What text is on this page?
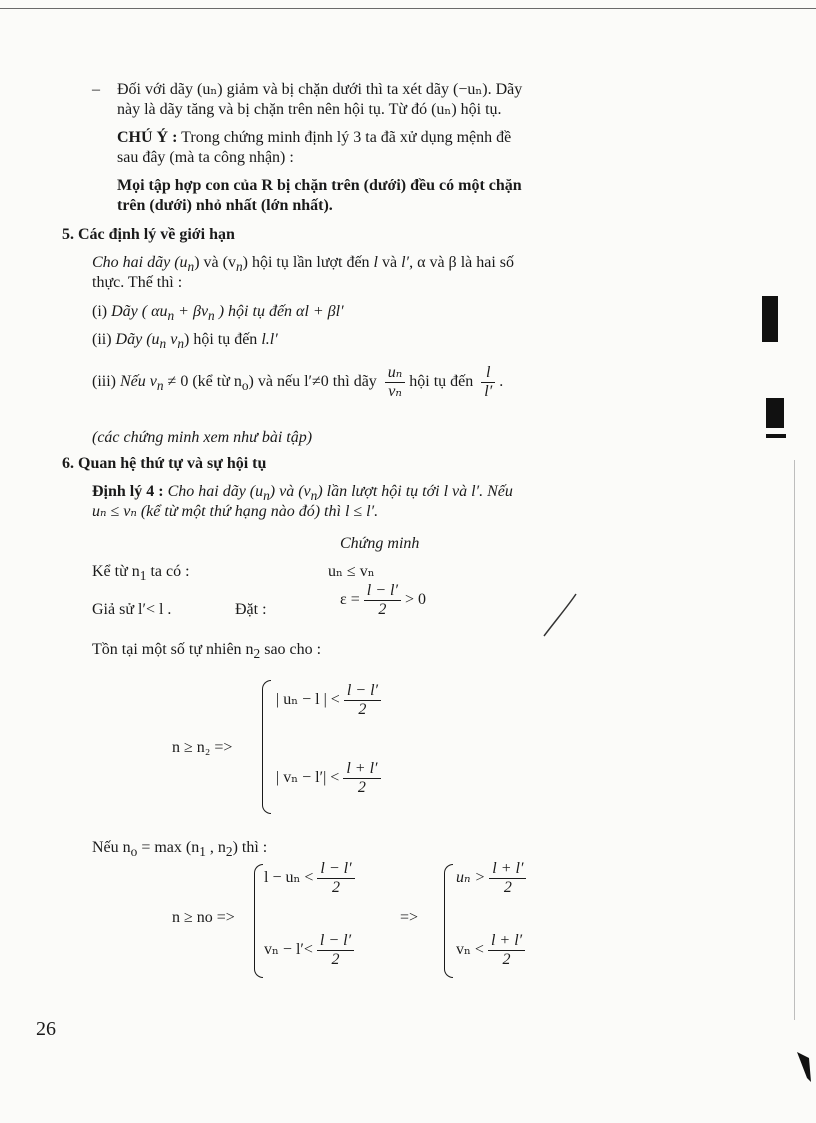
– Đối với dãy (uₙ) giảm và bị chặn dưới thì ta xét dãy (−uₙ). Dãy
này là dãy tăng và bị chặn trên nên hội tụ. Từ đó (uₙ) hội tụ.
CHÚ Ý : Trong chứng minh định lý 3 ta đã xử dụng mệnh đề
sau đây (mà ta công nhận) :
Mọi tập hợp con của R bị chặn trên (dưới) đều có một chặn
trên (dưới) nhỏ nhất (lớn nhất).
5. Các định lý về giới hạn
Cho hai dãy $(u_n)$ và $(v_n)$ hội tụ lần lượt đến l và l′, α và β là hai số
thực. Thế thì :
(i) Dãy ( $\alpha u_n + \beta v_n$ ) hội tụ đến αl + βl′
(ii) Dãy ($u_n$ $v_n$) hội tụ đến l.l′
(iii) Nếu $v_n \ne 0$ (kể từ $n_o$) và nếu l′≠0 thì dãy $\frac{\text{uₙ}}{\text{vₙ}}$ hội tụ đến $\frac{l}{l'}$ .
(các chứng minh xem như bài tập)
6. Quan hệ thứ tự và sự hội tụ
Định lý 4 : Cho hai dãy $(u_n)$ và $(v_n)$ lần lượt hội tụ tới l và l′. Nếu
uₙ ≤ vₙ (kể từ một thứ hạng nào đó) thì l ≤ l′.
Chứng minh
Kể từ $n_1$ ta có :	uₙ ≤ vₙ
Giả sử l′< l .	Đặt :
$\varepsilon = \frac{l - l'}{2} > 0$
Tồn tại một số tự nhiên $n_2$ sao cho :
n ≥ n₂ =>
| uₙ − l | < $\frac{l - l'}{2}$
| $v_n - l'| < \frac{l + l'}{2}$
Nếu $n_o = \max (n_1$ , $n_2$) thì :
n ≥ no =>
$l - u_n < \frac{l - l'}{2}$
$v_n - l'< \frac{l - l'}{2}$
=>
$u_n > \frac{l + l'}{2}$
$v_n < \frac{l + l'}{2}$
26
